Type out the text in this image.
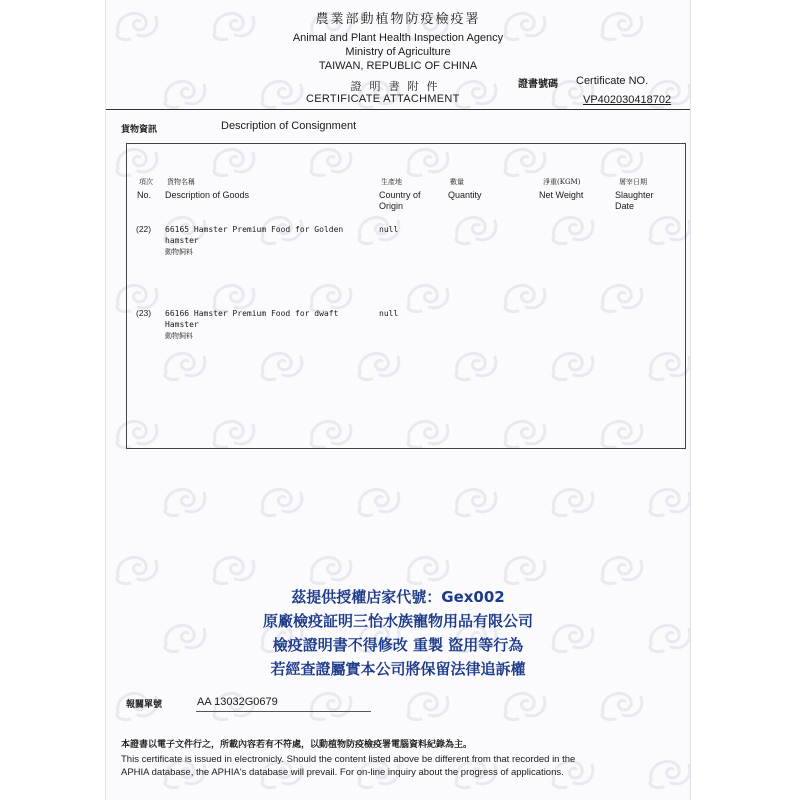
農業部動植物防疫檢疫署
Animal and Plant Health Inspection Agency
Ministry of Agriculture
TAIWAN, REPUBLIC OF CHINA
證明書附件
CERTIFICATE ATTACHMENT
證書號碼 Certificate NO.
VP402030418702
貨物資訊	Description of Consignment
項次
No.
貨物名稱
Description of Goods
生產地
Country of Origin
數量
Quantity
淨重(KGM)
Net Weight
屠宰日期
Slaughter Date
(22) 66165 Hamster Premium Food for Golden
hamster
動物飼料
null
(23) 66166 Hamster Premium Food for dwaft
Hamster
動物飼料
null
茲提供授權店家代號：Gex002
原廠檢疫証明三怡水族寵物用品有限公司
檢疫證明書不得修改 重製 盜用等行為
若經查證屬實本公司將保留法律追訴權
報關單號	AA 13032G0679
本證書以電子文件行之，所載內容若有不符處，以動植物防疫檢疫署電腦資料紀錄為主。
This certificate is issued in electronicly. Should the content listed above be different from that recorded in the
APHIA database, the APHIA's database will prevail. For on-line inquiry about the progress of applications.
